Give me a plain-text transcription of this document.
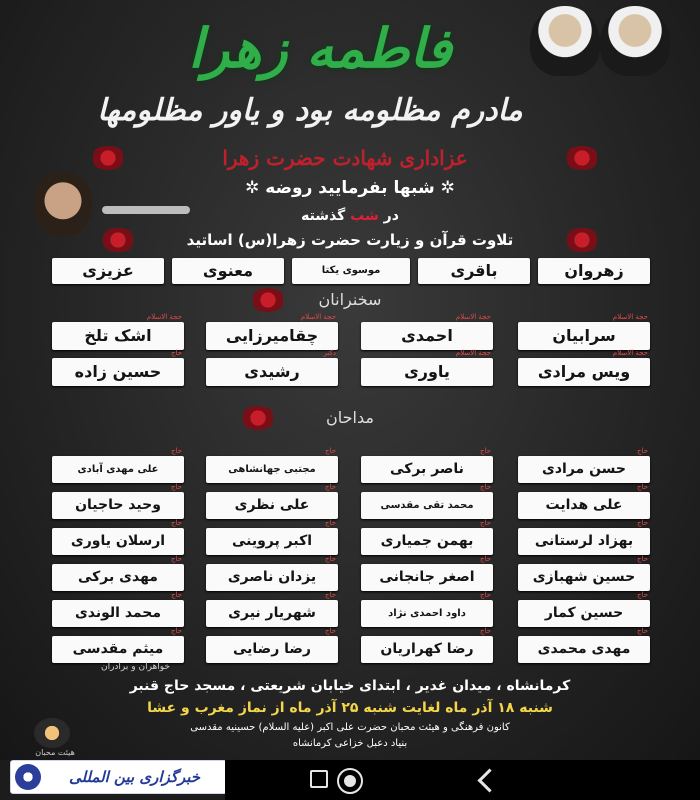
فاطمه زهرا
مادرم مظلومه بود و یاور مظلومها
عزاداری شهادت حضرت زهرا
✲ شبها بفرمایید روضه ✲
در شب گذشته
تلاوت قرآن و زیارت حضرت زهرا(س) اساتید
زهروان
باقری
موسوی یکتا
معنوی
عزیزی
سخنرانان
حجة الاسلام
سرابیان
حجة الاسلام
احمدی
حجة الاسلام
چقامیرزایی
حجة الاسلام
اشک تلخ
حجة الاسلام
ویس مرادی
حجة الاسلام
یاوری
دکتر
رشیدی
حاج
حسین زاده
مداحان
حاج
حسن مرادی
حاج
ناصر برکی
حاج
مجتبی جهانشاهی
حاج
علی مهدی آبادی
حاج
علی هدایت
حاج
محمد تقی مقدسی
حاج
علی نظری
حاج
وحید حاجیان
حاج
بهزاد لرستانی
حاج
بهمن جمیاری
حاج
اکبر پروینی
حاج
ارسلان یاوری
حاج
حسین شهبازی
حاج
اصغر جانجانی
حاج
یزدان ناصری
حاج
مهدی برکی
حاج
حسین کمار
حاج
داود احمدی نژاد
حاج
شهریار نیری
حاج
محمد الوندی
حاج
مهدی محمدی
حاج
رضا کهراریان
حاج
رضا رضایی
حاج
میثم مقدسی
خواهران و برادران
کرمانشاه ، میدان غدیر ، ابتدای خیابان شریعتی ، مسجد حاج قنبر
شنبه ۱۸ آذر ماه لغایت شنبه ۲۵ آذر ماه از نماز مغرب و عشا
کانون فرهنگی و هیئت محبان حضرت علی اکبر (علیه السلام) حسینیه مقدسی
بنیاد دعبل خزاعی کرمانشاه
هیئت محبان
خبرگزاری بین المللی
